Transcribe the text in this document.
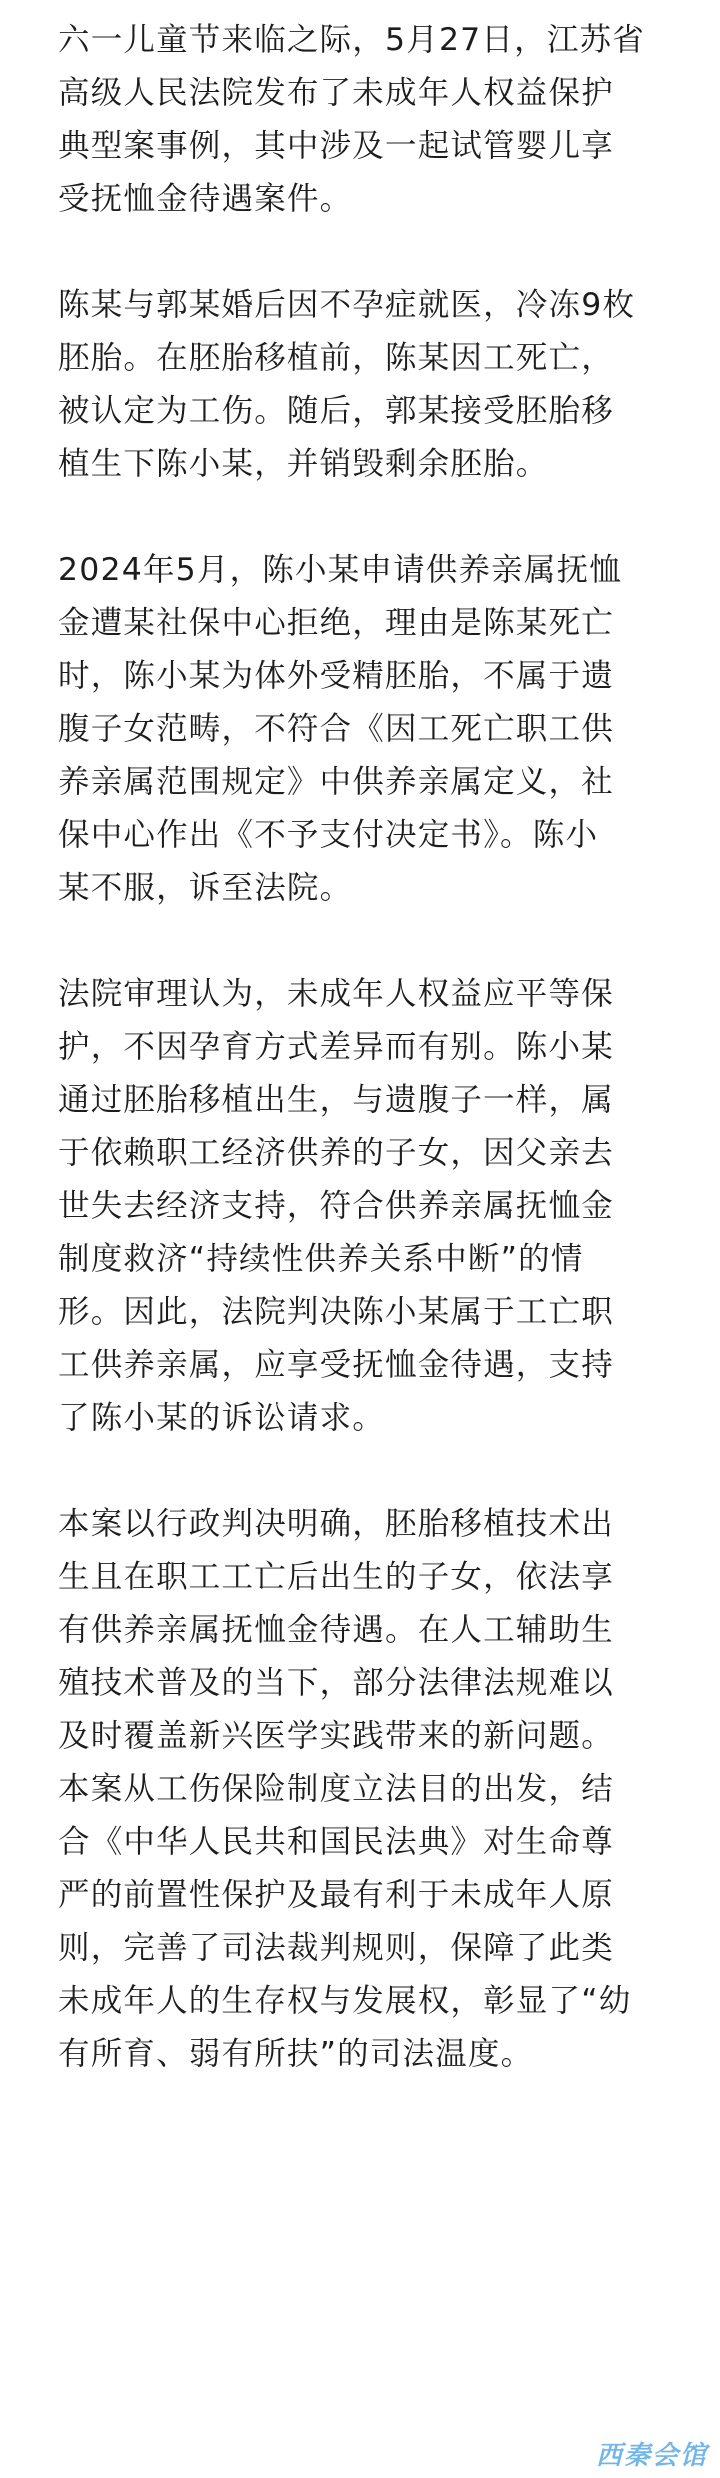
六一儿童节来临之际，5月27日，江苏省
高级人民法院发布了未成年人权益保护
典型案事例，其中涉及一起试管婴儿享
受抚恤金待遇案件。

陈某与郭某婚后因不孕症就医，冷冻9枚
胚胎。在胚胎移植前，陈某因工死亡，
被认定为工伤。随后，郭某接受胚胎移
植生下陈小某，并销毁剩余胚胎。

2024年5月，陈小某申请供养亲属抚恤
金遭某社保中心拒绝，理由是陈某死亡
时，陈小某为体外受精胚胎，不属于遗
腹子女范畴，不符合《因工死亡职工供
养亲属范围规定》中供养亲属定义，社
保中心作出《不予支付决定书》。陈小
某不服，诉至法院。

法院审理认为，未成年人权益应平等保
护，不因孕育方式差异而有别。陈小某
通过胚胎移植出生，与遗腹子一样，属
于依赖职工经济供养的子女，因父亲去
世失去经济支持，符合供养亲属抚恤金
制度救济“持续性供养关系中断”的情
形。因此，法院判决陈小某属于工亡职
工供养亲属，应享受抚恤金待遇，支持
了陈小某的诉讼请求。

本案以行政判决明确，胚胎移植技术出
生且在职工工亡后出生的子女，依法享
有供养亲属抚恤金待遇。在人工辅助生
殖技术普及的当下，部分法律法规难以
及时覆盖新兴医学实践带来的新问题。
本案从工伤保险制度立法目的出发，结
合《中华人民共和国民法典》对生命尊
严的前置性保护及最有利于未成年人原
则，完善了司法裁判规则，保障了此类
未成年人的生存权与发展权，彰显了“幼
有所育、弱有所扶”的司法温度。

西秦会馆
